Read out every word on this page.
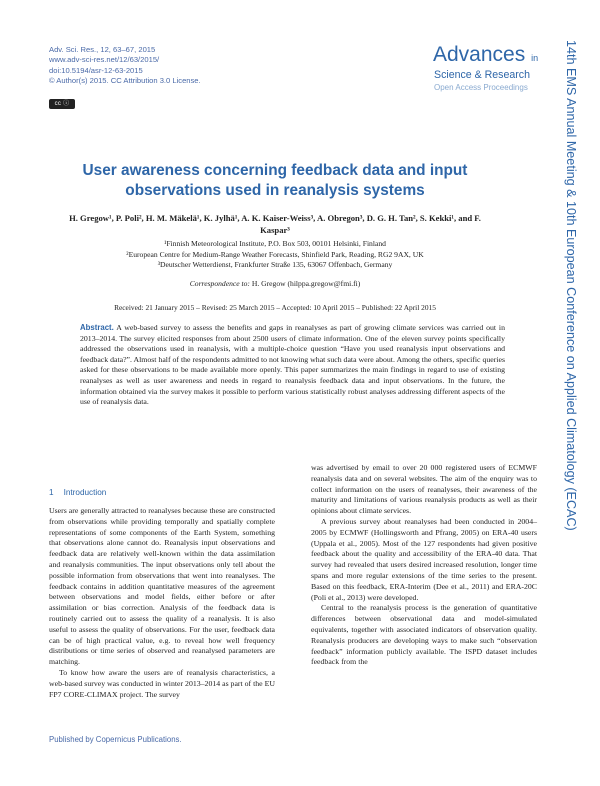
Adv. Sci. Res., 12, 63–67, 2015
www.adv-sci-res.net/12/63/2015/
doi:10.5194/asr-12-63-2015
© Author(s) 2015. CC Attribution 3.0 License.
cc ⓘ
Advances in
Science & Research
Open Access Proceedings	14th EMS Annual Meeting & 10th European Conference on Applied Climatology (ECAC)
User awareness concerning feedback data and input observations used in reanalysis systems
H. Gregow¹, P. Poli², H. M. Mäkelä¹, K. Jylhä¹, A. K. Kaiser-Weiss³, A. Obregon³, D. G. H. Tan², S. Kekki¹, and F. Kaspar³
¹Finnish Meteorological Institute, P.O. Box 503, 00101 Helsinki, Finland
²European Centre for Medium-Range Weather Forecasts, Shinfield Park, Reading, RG2 9AX, UK
³Deutscher Wetterdienst, Frankfurter Straße 135, 63067 Offenbach, Germany
Correspondence to: H. Gregow (hilppa.gregow@fmi.fi)
Received: 21 January 2015 – Revised: 25 March 2015 – Accepted: 10 April 2015 – Published: 22 April 2015
Abstract. A web-based survey to assess the benefits and gaps in reanalyses as part of growing climate services was carried out in 2013–2014. The survey elicited responses from about 2500 users of climate information. One of the eleven survey points specifically addressed the observations used in reanalysis, with a multiple-choice question “Have you used reanalysis input observations and feedback data?”. Almost half of the respondents admitted to not knowing what such data were about. Among the others, specific queries asked for these observations to be made available more openly. This paper summarizes the main findings in regard to use of existing reanalyses as well as user awareness and needs in regard to reanalysis feedback data and input observations. In the future, the information obtained via the survey makes it possible to perform various statistically robust analyses addressing different aspects of the use of reanalysis data.
1 Introduction

Users are generally attracted to reanalyses because these are constructed from observations while providing temporally and spatially complete representations of some components of the Earth System, something that observations alone cannot do. Reanalysis input observations and feedback data are relatively well-known within the data assimilation and reanalysis communities. The input observations only tell about the possible information from observations that went into reanalyses. The feedback contains in addition quantitative measures of the agreement between observations and model fields, either before or after assimilation or bias correction. Analysis of the feedback data is routinely carried out to assess the quality of a reanalysis. It is also useful to assess the quality of observations. For the user, feedback data can be of high practical value, e.g. to reveal how well frequency distributions or time series of observed and reanalysed parameters are matching.

To know how aware the users are of reanalysis characteristics, a web-based survey was conducted in winter 2013–2014 as part of the EU FP7 CORE-CLIMAX project. The survey

was advertised by email to over 20 000 registered users of ECMWF reanalysis data and on several websites. The aim of the enquiry was to collect information on the users of reanalyses, their awareness of the maturity and limitations of various reanalysis products as well as their opinions about climate services.

A previous survey about reanalyses had been conducted in 2004–2005 by ECMWF (Hollingsworth and Pfrang, 2005) on ERA-40 users (Uppala et al., 2005). Most of the 127 respondents had given positive feedback about the quality and accessibility of the ERA-40 data. That survey had revealed that users desired increased resolution, longer time spans and more regular extensions of the time series to the present. Based on this feedback, ERA-Interim (Dee et al., 2011) and ERA-20C (Poli et al., 2013) were developed.

Central to the reanalysis process is the generation of quantitative differences between observational data and model-simulated equivalents, together with associated indicators of observation quality. Reanalysis producers are developing ways to make such “observation feedback” information publicly available. The ISPD dataset includes feedback from the

Published by Copernicus Publications.
